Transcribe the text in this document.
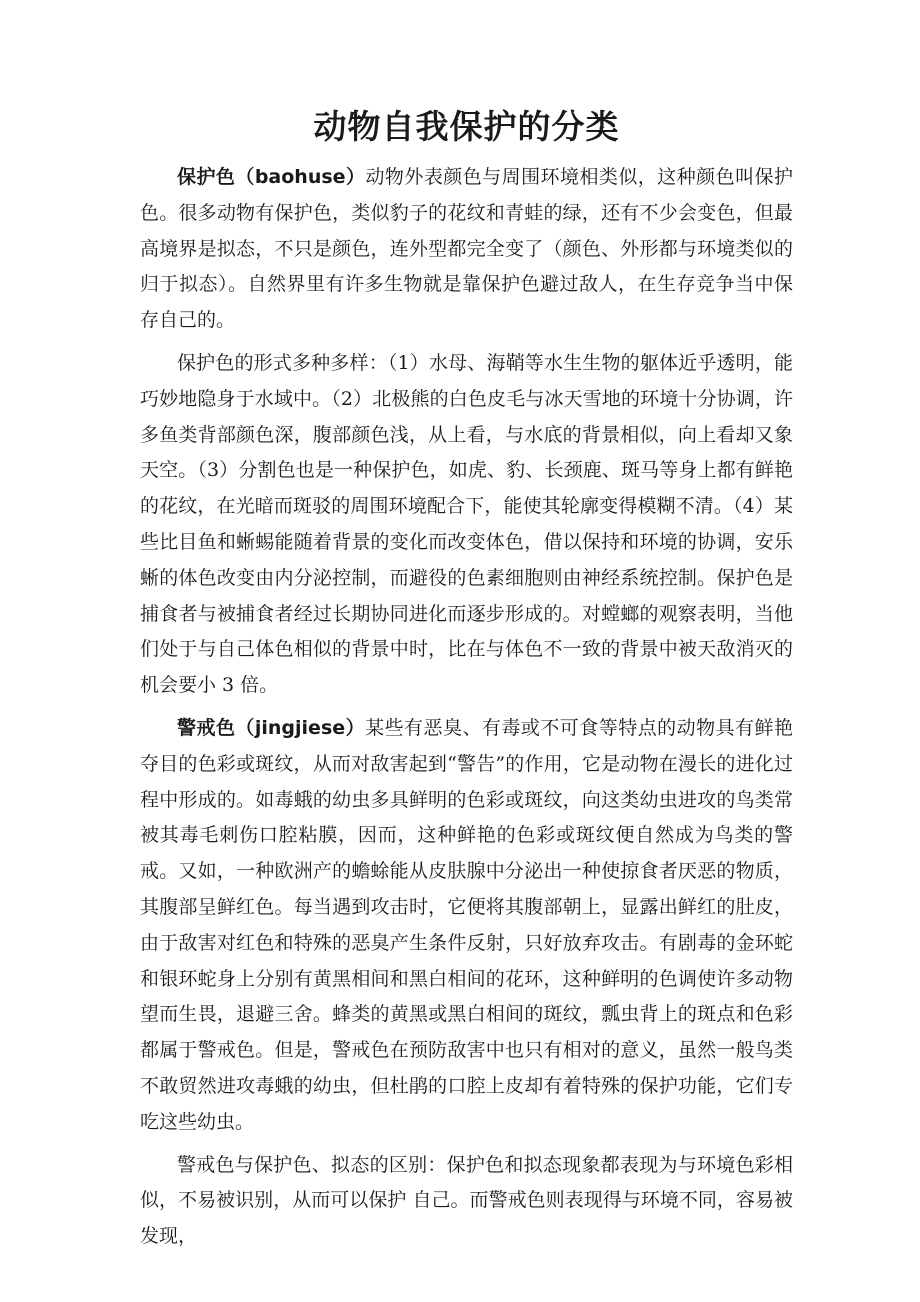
动物自我保护的分类

保护色（baohuse）动物外表颜色与周围环境相类似，这种颜色叫保护色。很多动物有保护色，类似豹子的花纹和青蛙的绿，还有不少会变色，但最高境界是拟态，不只是颜色，连外型都完全变了（颜色、外形都与环境类似的归于拟态）。自然界里有许多生物就是靠保护色避过敌人，在生存竞争当中保存自己的。

保护色的形式多种多样：（1）水母、海鞘等水生生物的躯体近乎透明，能巧妙地隐身于水域中。（2）北极熊的白色皮毛与冰天雪地的环境十分协调，许多鱼类背部颜色深，腹部颜色浅，从上看，与水底的背景相似，向上看却又象天空。（3）分割色也是一种保护色，如虎、豹、长颈鹿、斑马等身上都有鲜艳的花纹，在光暗而斑驳的周围环境配合下，能使其轮廓变得模糊不清。（4）某些比目鱼和蜥蜴能随着背景的变化而改变体色，借以保持和环境的协调，安乐蜥的体色改变由内分泌控制，而避役的色素细胞则由神经系统控制。保护色是捕食者与被捕食者经过长期协同进化而逐步形成的。对螳螂的观察表明，当他们处于与自己体色相似的背景中时，比在与体色不一致的背景中被天敌消灭的机会要小 3 倍。

警戒色（jingjiese）某些有恶臭、有毒或不可食等特点的动物具有鲜艳夺目的色彩或斑纹，从而对敌害起到“警告”的作用，它是动物在漫长的进化过程中形成的。如毒蛾的幼虫多具鲜明的色彩或斑纹，向这类幼虫进攻的鸟类常被其毒毛刺伤口腔粘膜，因而，这种鲜艳的色彩或斑纹便自然成为鸟类的警戒。又如，一种欧洲产的蟾蜍能从皮肤腺中分泌出一种使掠食者厌恶的物质，其腹部呈鲜红色。每当遇到攻击时，它便将其腹部朝上，显露出鲜红的肚皮，由于敌害对红色和特殊的恶臭产生条件反射，只好放弃攻击。有剧毒的金环蛇和银环蛇身上分别有黄黑相间和黑白相间的花环，这种鲜明的色调使许多动物望而生畏，退避三舍。蜂类的黄黑或黑白相间的斑纹，瓢虫背上的斑点和色彩都属于警戒色。但是，警戒色在预防敌害中也只有相对的意义，虽然一般鸟类不敢贸然进攻毒蛾的幼虫，但杜鹃的口腔上皮却有着特殊的保护功能，它们专吃这些幼虫。

警戒色与保护色、拟态的区别：保护色和拟态现象都表现为与环境色彩相似，不易被识别，从而可以保护 自己。而警戒色则表现得与环境不同，容易被发现，
